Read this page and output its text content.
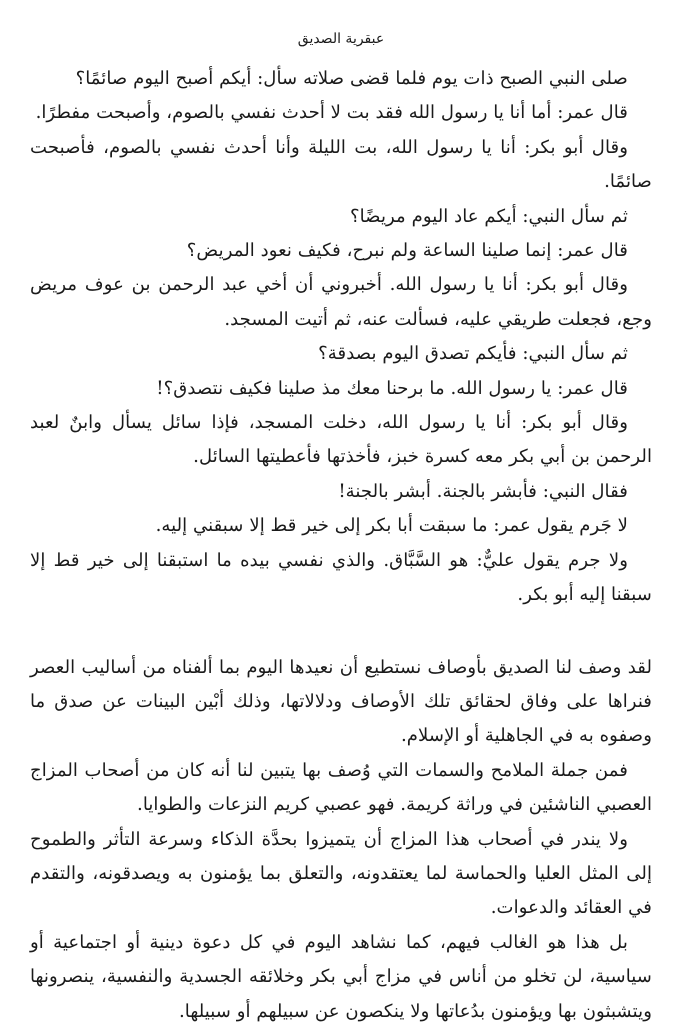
عبقرية الصديق

صلى النبي الصبح ذات يوم فلما قضى صلاته سأل: أيكم أصبح اليوم صائمًا؟

قال عمر: أما أنا يا رسول الله فقد بت لا أحدث نفسي بالصوم، وأصبحت مفطرًا.

وقال أبو بكر: أنا يا رسول الله، بت الليلة وأنا أحدث نفسي بالصوم، فأصبحت صائمًا.

ثم سأل النبي: أيكم عاد اليوم مريضًا؟

قال عمر: إنما صلينا الساعة ولم نبرح، فكيف نعود المريض؟

وقال أبو بكر: أنا يا رسول الله. أخبروني أن أخي عبد الرحمن بن عوف مريض وجع، فجعلت طريقي عليه، فسألت عنه، ثم أتيت المسجد.

ثم سأل النبي: فأيكم تصدق اليوم بصدقة؟

قال عمر: يا رسول الله. ما برحنا معك مذ صلينا فكيف نتصدق؟!

وقال أبو بكر: أنا يا رسول الله، دخلت المسجد، فإذا سائل يسأل وابنٌ لعبد الرحمن بن أبي بكر معه كسرة خبز، فأخذتها فأعطيتها السائل.

فقال النبي: فأبشر بالجنة. أبشر بالجنة!

لا جَرم يقول عمر: ما سبقت أبا بكر إلى خير قط إلا سبقني إليه.

ولا جرم يقول عليٌّ: هو السَّبَّاق. والذي نفسي بيده ما استبقنا إلى خير قط إلا سبقنا إليه أبو بكر.

لقد وصف لنا الصديق بأوصاف نستطيع أن نعيدها اليوم بما ألفناه من أساليب العصر فنراها على وفاق لحقائق تلك الأوصاف ودلالاتها، وذلك أبْين البينات عن صدق ما وصفوه به في الجاهلية أو الإسلام.

فمن جملة الملامح والسمات التي وُصف بها يتبين لنا أنه كان من أصحاب المزاج العصبي الناشئين في وراثة كريمة. فهو عصبي كريم النزعات والطوايا.

ولا يندر في أصحاب هذا المزاج أن يتميزوا بحدَّة الذكاء وسرعة التأثر والطموح إلى المثل العليا والحماسة لما يعتقدونه، والتعلق بما يؤمنون به ويصدقونه، والتقدم في العقائد والدعوات.

بل هذا هو الغالب فيهم، كما نشاهد اليوم في كل دعوة دينية أو اجتماعية أو سياسية، لن تخلو من أناس في مزاج أبي بكر وخلائقه الجسدية والنفسية، ينصرونها ويتشبثون بها ويؤمنون بدُعاتها ولا ينكصون عن سبيلهم أو سبيلها.
